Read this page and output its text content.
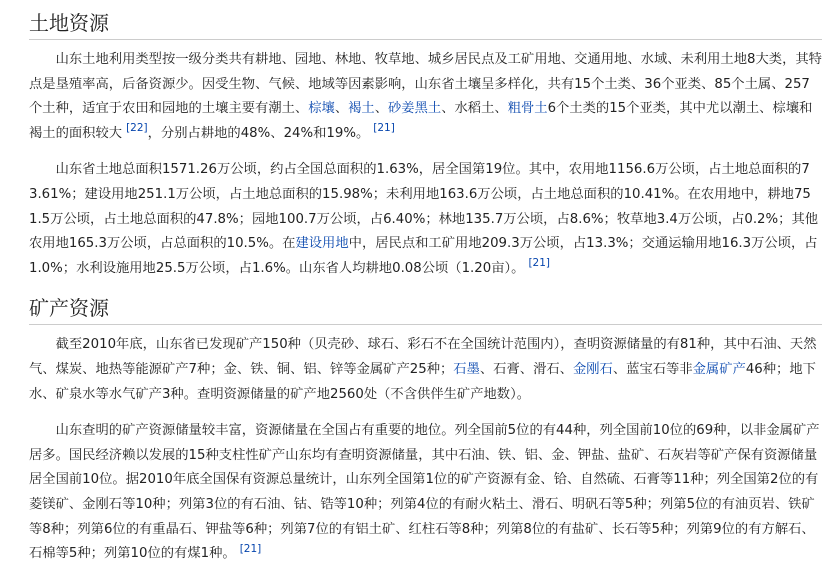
土地资源

山东土地利用类型按一级分类共有耕地、园地、林地、牧草地、城乡居民点及工矿用地、交通用地、水域、未利用土地8大类，其特点是垦殖率高，后备资源少。因受生物、气候、地域等因素影响，山东省土壤呈多样化，共有15个土类、36个亚类、85个土属、257个土种，适宜于农田和园地的土壤主要有潮土、棕壤、褐土、砂姜黑土、水稻土、粗骨土6个土类的15个亚类，其中尤以潮土、棕壤和褐土的面积较大 [22]，分别占耕地的48%、24%和19%。 [21]

山东省土地总面积1571.26万公顷，约占全国总面积的1.63%，居全国第19位。其中，农用地1156.6万公顷，占土地总面积的73.61%；建设用地251.1万公顷，占土地总面积的15.98%；未利用地163.6万公顷，占土地总面积的10.41%。在农用地中，耕地751.5万公顷，占土地总面积的47.8%；园地100.7万公顷，占6.40%；林地135.7万公顷，占8.6%；牧草地3.4万公顷，占0.2%；其他农用地165.3万公顷，占总面积的10.5%。在建设用地中，居民点和工矿用地209.3万公顷，占13.3%；交通运输用地16.3万公顷，占1.0%；水利设施用地25.5万公顷，占1.6%。山东省人均耕地0.08公顷（1.20亩）。 [21]

矿产资源

截至2010年底，山东省已发现矿产150种（贝壳砂、球石、彩石不在全国统计范围内），查明资源储量的有81种，其中石油、天然气、煤炭、地热等能源矿产7种；金、铁、铜、铝、锌等金属矿产25种；石墨、石膏、滑石、金刚石、蓝宝石等非金属矿产46种；地下水、矿泉水等水气矿产3种。查明资源储量的矿产地2560处（不含供伴生矿产地数）。

山东查明的矿产资源储量较丰富，资源储量在全国占有重要的地位。列全国前5位的有44种，列全国前10位的69种，以非金属矿产居多。国民经济赖以发展的15种支柱性矿产山东均有查明资源储量，其中石油、铁、铝、金、钾盐、盐矿、石灰岩等矿产保有资源储量居全国前10位。据2010年底全国保有资源总量统计，山东列全国第1位的矿产资源有金、铪、自然硫、石膏等11种；列全国第2位的有菱镁矿、金刚石等10种；列第3位的有石油、钴、锆等10种；列第4位的有耐火粘土、滑石、明矾石等5种；列第5位的有油页岩、铁矿等8种；列第6位的有重晶石、钾盐等6种；列第7位的有铝土矿、红柱石等8种；列第8位的有盐矿、长石等5种；列第9位的有方解石、石棉等5种；列第10位的有煤1种。 [21]
